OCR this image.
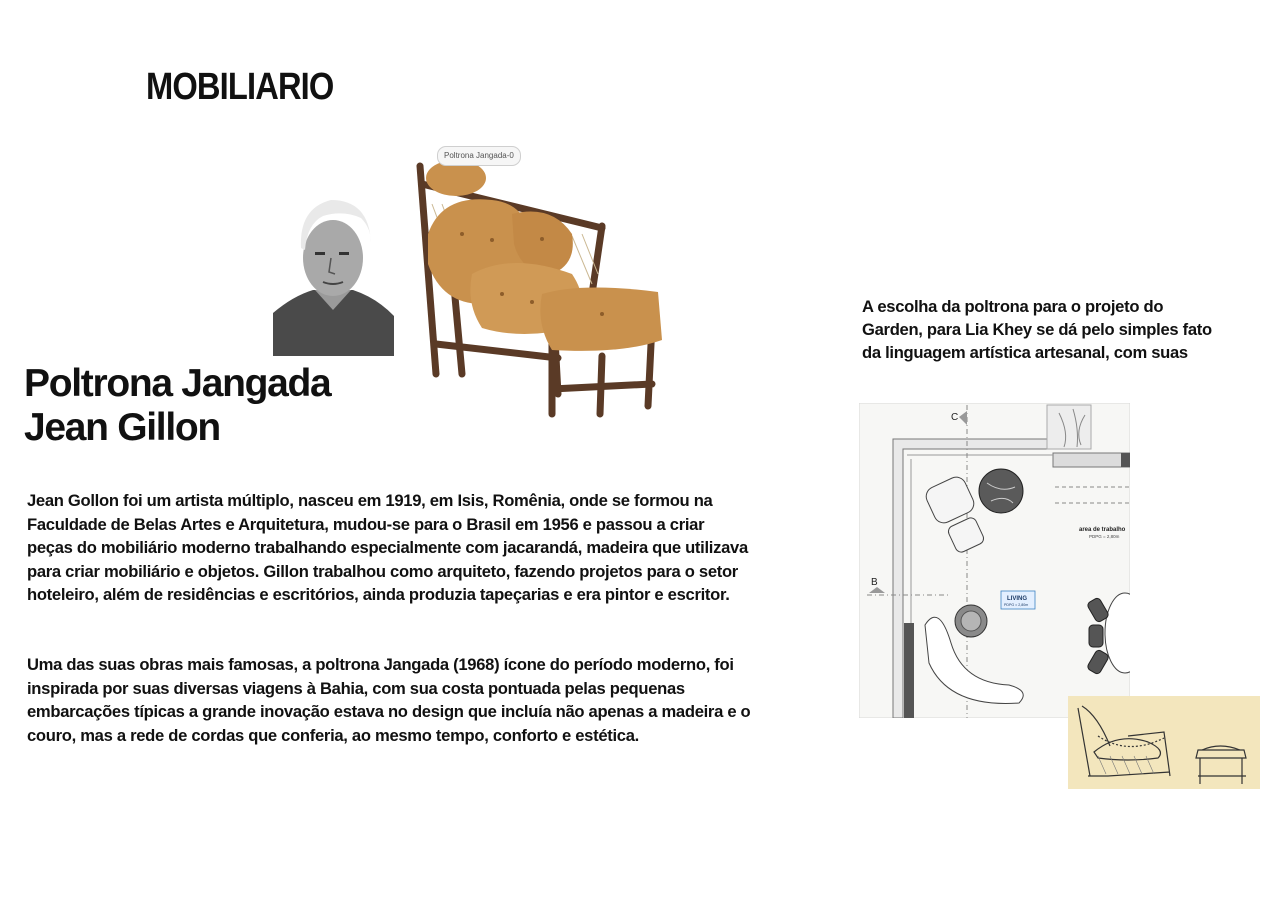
MOBILIARIO
Poltrona Jangada-0
Poltrona Jangada
Jean Gillon

Jean Gollon foi um artista múltiplo, nasceu em 1919, em Isis, Romênia, onde se formou na
Faculdade de Belas Artes e Arquitetura, mudou-se para o Brasil em 1956 e passou a criar
peças do mobiliário moderno trabalhando especialmente com jacarandá, madeira que utilizava
para criar mobiliário e objetos. Gillon trabalhou como arquiteto, fazendo projetos para o setor
hoteleiro, além de residências e escritórios, ainda produzia tapeçarias e era pintor e escritor.

Uma das suas obras mais famosas, a poltrona Jangada (1968) ícone do período moderno, foi
inspirada por suas diversas viagens à Bahia, com sua costa pontuada pelas pequenas
embarcações típicas a grande inovação estava no design que incluía não apenas a madeira e o
couro, mas a rede de cordas que conferia, ao mesmo tempo, conforto e estética.

A escolha da poltrona para o projeto do
Garden, para Lia Khey se dá pelo simples fato
da linguagem artística artesanal, com suas

C
B
area de trabalho
PDPG = 2,80m
LIVING
PDPG = 2,80m
